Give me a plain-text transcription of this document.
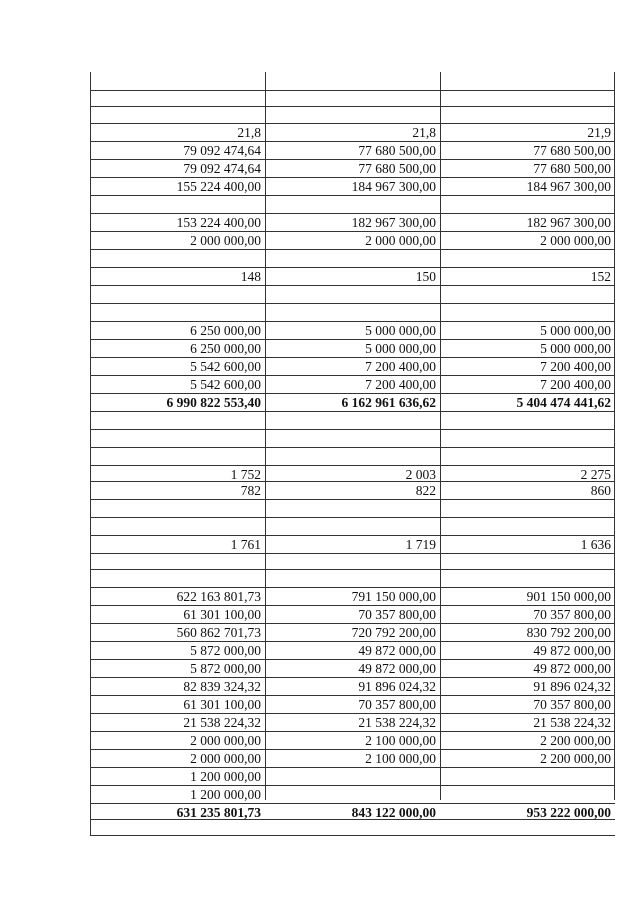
21,8	21,8	21,9
79 092 474,64	77 680 500,00	77 680 500,00
79 092 474,64	77 680 500,00	77 680 500,00
155 224 400,00	184 967 300,00	184 967 300,00
153 224 400,00	182 967 300,00	182 967 300,00
2 000 000,00	2 000 000,00	2 000 000,00
148	150	152
6 250 000,00	5 000 000,00	5 000 000,00
6 250 000,00	5 000 000,00	5 000 000,00
5 542 600,00	7 200 400,00	7 200 400,00
5 542 600,00	7 200 400,00	7 200 400,00
6 990 822 553,40	6 162 961 636,62	5 404 474 441,62
1 752	2 003	2 275
782	822	860
1 761	1 719	1 636
622 163 801,73	791 150 000,00	901 150 000,00
61 301 100,00	70 357 800,00	70 357 800,00
560 862 701,73	720 792 200,00	830 792 200,00
5 872 000,00	49 872 000,00	49 872 000,00
5 872 000,00	49 872 000,00	49 872 000,00
82 839 324,32	91 896 024,32	91 896 024,32
61 301 100,00	70 357 800,00	70 357 800,00
21 538 224,32	21 538 224,32	21 538 224,32
2 000 000,00	2 100 000,00	2 200 000,00
2 000 000,00	2 100 000,00	2 200 000,00
1 200 000,00
1 200 000,00
631 235 801,73	843 122 000,00	953 222 000,00
